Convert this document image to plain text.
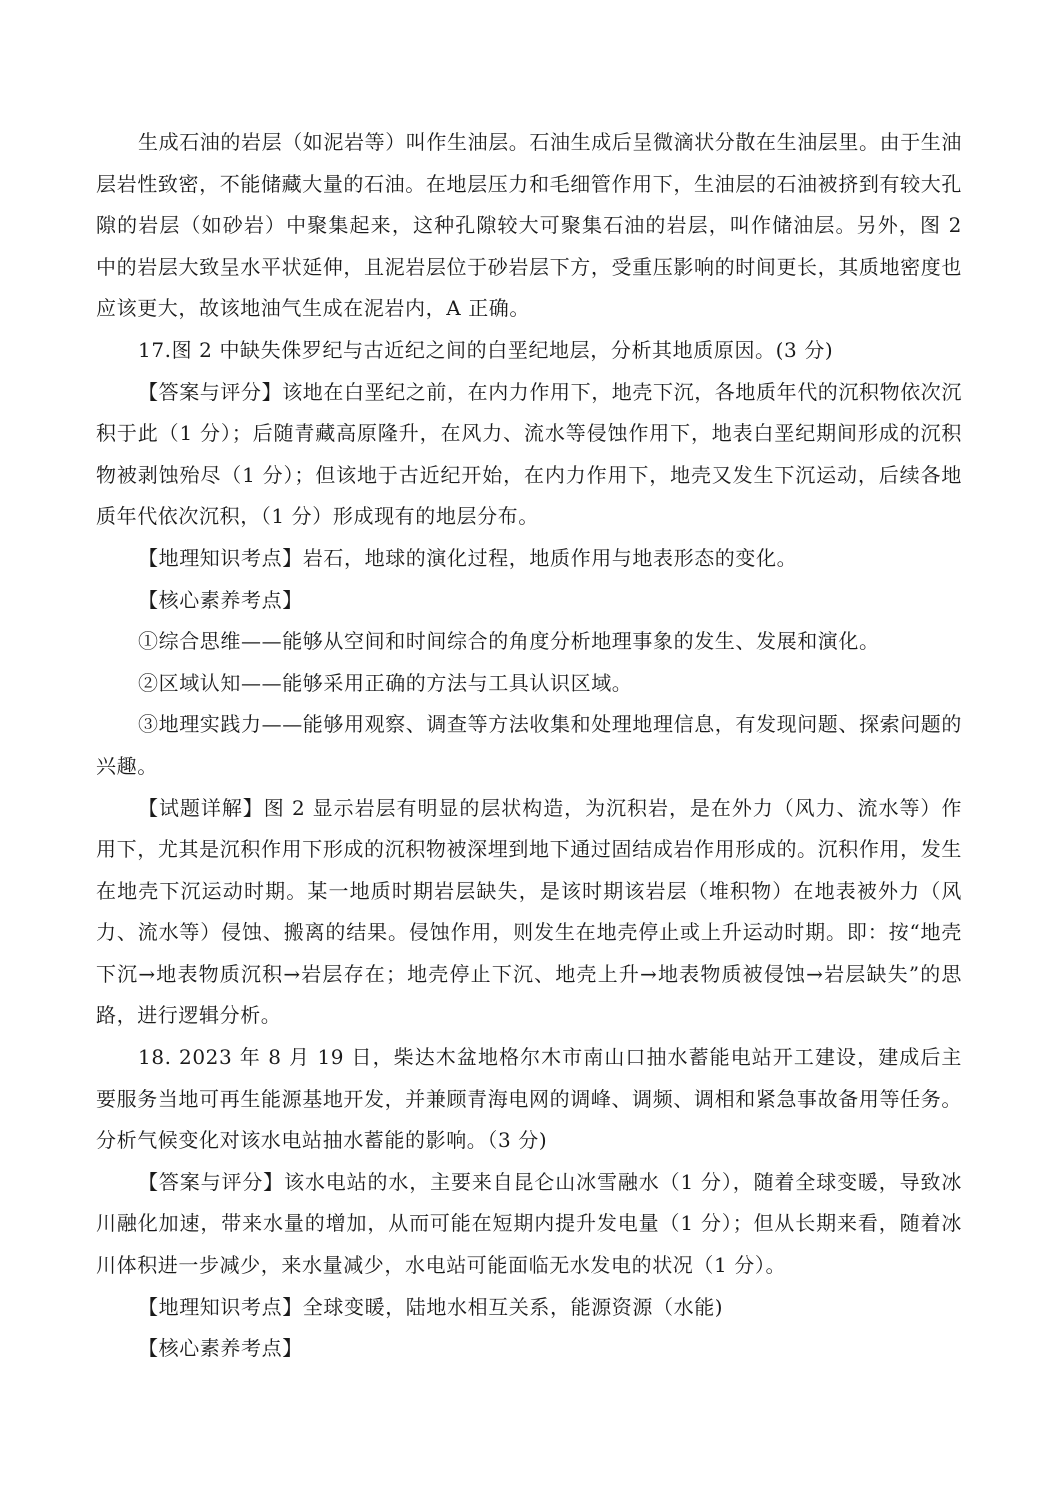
生成石油的岩层（如泥岩等）叫作生油层。石油生成后呈微滴状分散在生油层里。由于生油层岩性致密，不能储藏大量的石油。在地层压力和毛细管作用下，生油层的石油被挤到有较大孔隙的岩层（如砂岩）中聚集起来，这种孔隙较大可聚集石油的岩层，叫作储油层。另外，图 2 中的岩层大致呈水平状延伸，且泥岩层位于砂岩层下方，受重压影响的时间更长，其质地密度也应该更大，故该地油气生成在泥岩内，A 正确。

17.图 2 中缺失侏罗纪与古近纪之间的白垩纪地层，分析其地质原因。(3 分)

【答案与评分】该地在白垩纪之前，在内力作用下，地壳下沉，各地质年代的沉积物依次沉积于此（1 分）；后随青藏高原隆升，在风力、流水等侵蚀作用下，地表白垩纪期间形成的沉积物被剥蚀殆尽（1 分）；但该地于古近纪开始，在内力作用下，地壳又发生下沉运动，后续各地质年代依次沉积，（1 分）形成现有的地层分布。

【地理知识考点】岩石，地球的演化过程，地质作用与地表形态的变化。

【核心素养考点】

①综合思维——能够从空间和时间综合的角度分析地理事象的发生、发展和演化。

②区域认知——能够采用正确的方法与工具认识区域。

③地理实践力——能够用观察、调查等方法收集和处理地理信息，有发现问题、探索问题的兴趣。

【试题详解】图 2 显示岩层有明显的层状构造，为沉积岩，是在外力（风力、流水等）作用下，尤其是沉积作用下形成的沉积物被深埋到地下通过固结成岩作用形成的。沉积作用，发生在地壳下沉运动时期。某一地质时期岩层缺失，是该时期该岩层（堆积物）在地表被外力（风力、流水等）侵蚀、搬离的结果。侵蚀作用，则发生在地壳停止或上升运动时期。即：按“地壳下沉→地表物质沉积→岩层存在；地壳停止下沉、地壳上升→地表物质被侵蚀→岩层缺失”的思路，进行逻辑分析。

18. 2023 年 8 月 19 日，柴达木盆地格尔木市南山口抽水蓄能电站开工建设，建成后主要服务当地可再生能源基地开发，并兼顾青海电网的调峰、调频、调相和紧急事故备用等任务。分析气候变化对该水电站抽水蓄能的影响。（3 分)

【答案与评分】该水电站的水，主要来自昆仑山冰雪融水（1 分），随着全球变暖，导致冰川融化加速，带来水量的增加，从而可能在短期内提升发电量（1 分）；但从长期来看，随着冰川体积进一步减少，来水量减少，水电站可能面临无水发电的状况（1 分）。

【地理知识考点】全球变暖，陆地水相互关系，能源资源（水能)

【核心素养考点】
